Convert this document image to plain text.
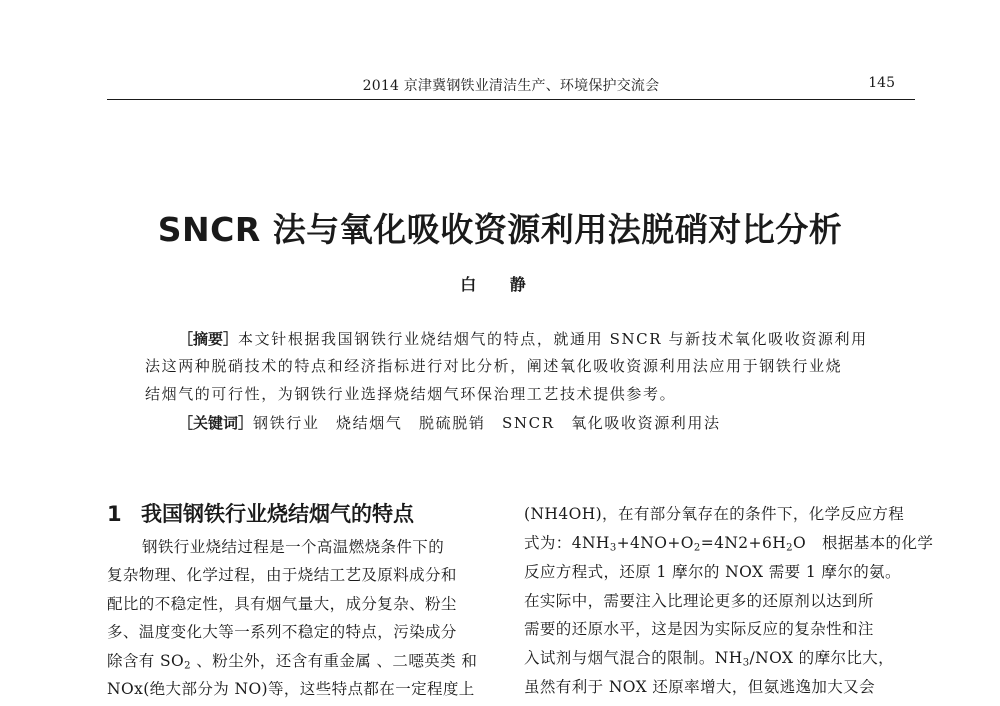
2014 京津冀钢铁业清洁生产、环境保护交流会	145
SNCR 法与氧化吸收资源利用法脱硝对比分析
白 静
［摘要］本文针根据我国钢铁行业烧结烟气的特点，就通用 SNCR 与新技术氧化吸收资源利用
法这两种脱硝技术的特点和经济指标进行对比分析，阐述氧化吸收资源利用法应用于钢铁行业烧
结烟气的可行性，为钢铁行业选择烧结烟气环保治理工艺技术提供参考。
［关键词］钢铁行业　烧结烟气　脱硫脱销　SNCR　氧化吸收资源利用法
1 我国钢铁行业烧结烟气的特点
钢铁行业烧结过程是一个高温燃烧条件下的
复杂物理、化学过程，由于烧结工艺及原料成分和
配比的不稳定性，具有烟气量大，成分复杂、粉尘
多、温度变化大等一系列不稳定的特点，污染成分
除含有 $SO_2$ 、粉尘外，还含有重金属 、二噁英类 和
NOx(绝大部分为 NO)等，这些特点都在一定程度上
(NH4OH)，在有部分氧存在的条件下，化学反应方程
式为：$4NH_3+4NO+O_2=4N2+6H_2O$　根据基本的化学
反应方程式，还原 1 摩尔的 NOX 需要 1 摩尔的氨。
在实际中，需要注入比理论更多的还原剂以达到所
需要的还原水平，这是因为实际反应的复杂性和注
入试剂与烟气混合的限制。$NH_3$/NOX 的摩尔比大，
虽然有利于 NOX 还原率增大，但氨逃逸加大又会
